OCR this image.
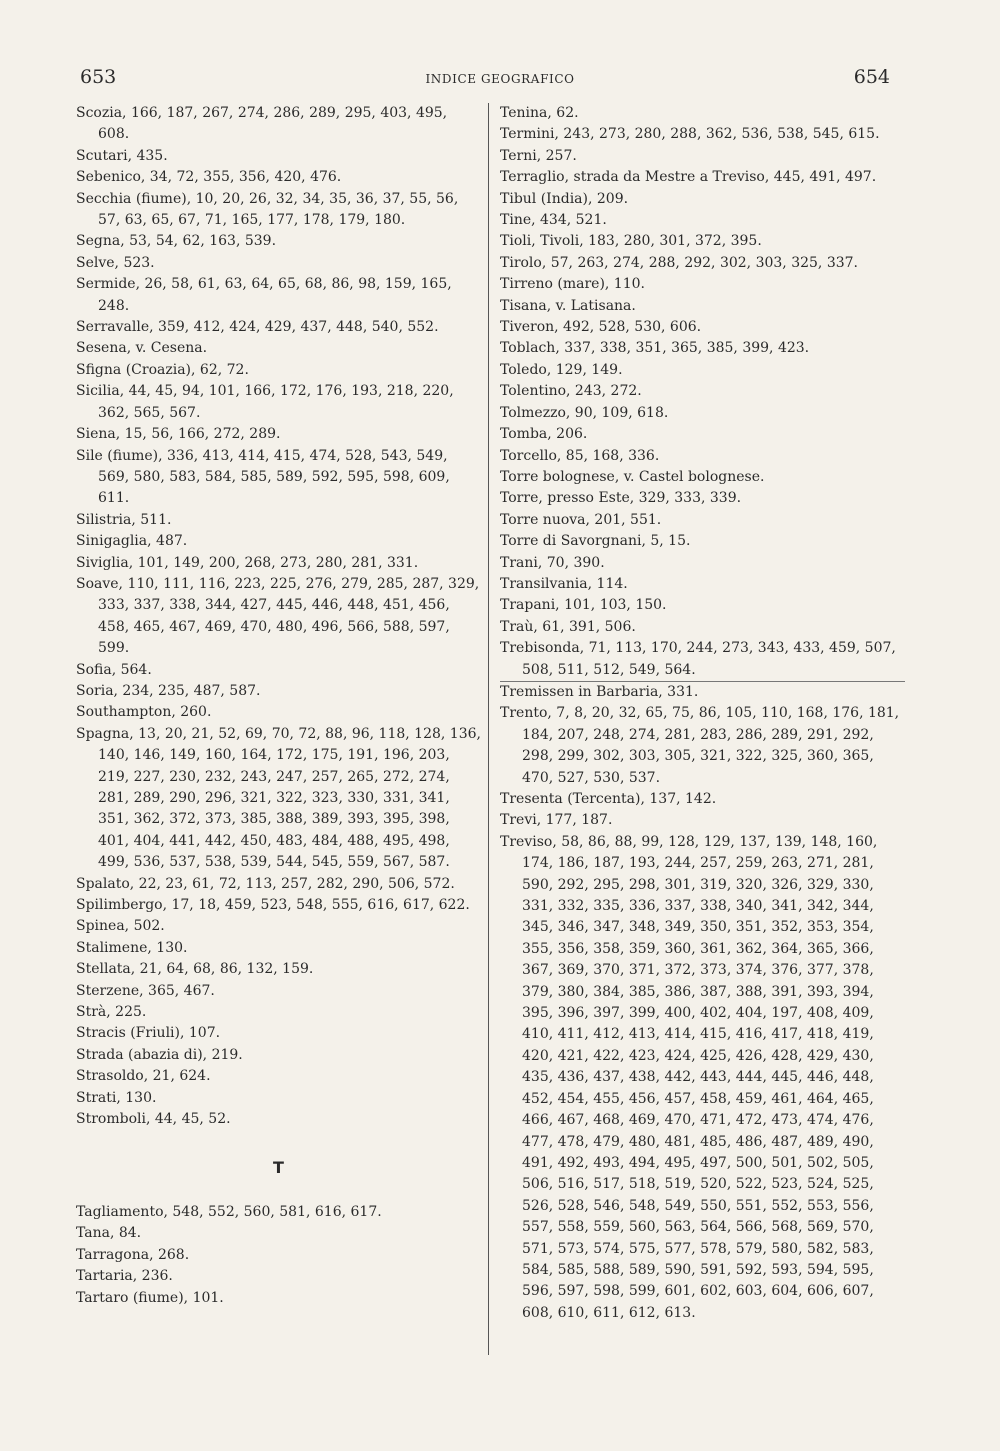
653	INDICE GEOGRAFICO	654

Scozia, 166, 187, 267, 274, 286, 289, 295, 403, 495, 608.

Scutari, 435.

Sebenico, 34, 72, 355, 356, 420, 476.

Secchia (fiume), 10, 20, 26, 32, 34, 35, 36, 37, 55, 56, 57, 63, 65, 67, 71, 165, 177, 178, 179, 180.

Segna, 53, 54, 62, 163, 539.

Selve, 523.

Sermide, 26, 58, 61, 63, 64, 65, 68, 86, 98, 159, 165, 248.

Serravalle, 359, 412, 424, 429, 437, 448, 540, 552.

Sesena, v. Cesena.

Sfigna (Croazia), 62, 72.

Sicilia, 44, 45, 94, 101, 166, 172, 176, 193, 218, 220, 362, 565, 567.

Siena, 15, 56, 166, 272, 289.

Sile (fiume), 336, 413, 414, 415, 474, 528, 543, 549, 569, 580, 583, 584, 585, 589, 592, 595, 598, 609, 611.

Silistria, 511.

Sinigaglia, 487.

Siviglia, 101, 149, 200, 268, 273, 280, 281, 331.

Soave, 110, 111, 116, 223, 225, 276, 279, 285, 287, 329, 333, 337, 338, 344, 427, 445, 446, 448, 451, 456, 458, 465, 467, 469, 470, 480, 496, 566, 588, 597, 599.

Sofia, 564.

Soria, 234, 235, 487, 587.

Southampton, 260.

Spagna, 13, 20, 21, 52, 69, 70, 72, 88, 96, 118, 128, 136, 140, 146, 149, 160, 164, 172, 175, 191, 196, 203, 219, 227, 230, 232, 243, 247, 257, 265, 272, 274, 281, 289, 290, 296, 321, 322, 323, 330, 331, 341, 351, 362, 372, 373, 385, 388, 389, 393, 395, 398, 401, 404, 441, 442, 450, 483, 484, 488, 495, 498, 499, 536, 537, 538, 539, 544, 545, 559, 567, 587.

Spalato, 22, 23, 61, 72, 113, 257, 282, 290, 506, 572.

Spilimbergo, 17, 18, 459, 523, 548, 555, 616, 617, 622.

Spinea, 502.

Stalimene, 130.

Stellata, 21, 64, 68, 86, 132, 159.

Sterzene, 365, 467.

Strà, 225.

Stracis (Friuli), 107.

Strada (abazia di), 219.

Strasoldo, 21, 624.

Strati, 130.

Stromboli, 44, 45, 52.

T

Tagliamento, 548, 552, 560, 581, 616, 617.

Tana, 84.

Tarragona, 268.

Tartaria, 236.

Tartaro (fiume), 101.

Tenina, 62.

Termini, 243, 273, 280, 288, 362, 536, 538, 545, 615.

Terni, 257.

Terraglio, strada da Mestre a Treviso, 445, 491, 497.

Tibul (India), 209.

Tine, 434, 521.

Tioli, Tivoli, 183, 280, 301, 372, 395.

Tirolo, 57, 263, 274, 288, 292, 302, 303, 325, 337.

Tirreno (mare), 110.

Tisana, v. Latisana.

Tiveron, 492, 528, 530, 606.

Toblach, 337, 338, 351, 365, 385, 399, 423.

Toledo, 129, 149.

Tolentino, 243, 272.

Tolmezzo, 90, 109, 618.

Tomba, 206.

Torcello, 85, 168, 336.

Torre bolognese, v. Castel bolognese.

Torre, presso Este, 329, 333, 339.

Torre nuova, 201, 551.

Torre di Savorgnani, 5, 15.

Trani, 70, 390.

Transilvania, 114.

Trapani, 101, 103, 150.

Traù, 61, 391, 506.

Trebisonda, 71, 113, 170, 244, 273, 343, 433, 459, 507, 508, 511, 512, 549, 564.

Tremissen in Barbaria, 331.

Trento, 7, 8, 20, 32, 65, 75, 86, 105, 110, 168, 176, 181, 184, 207, 248, 274, 281, 283, 286, 289, 291, 292, 298, 299, 302, 303, 305, 321, 322, 325, 360, 365, 470, 527, 530, 537.

Tresenta (Tercenta), 137, 142.

Trevi, 177, 187.

Treviso, 58, 86, 88, 99, 128, 129, 137, 139, 148, 160, 174, 186, 187, 193, 244, 257, 259, 263, 271, 281, 590, 292, 295, 298, 301, 319, 320, 326, 329, 330, 331, 332, 335, 336, 337, 338, 340, 341, 342, 344, 345, 346, 347, 348, 349, 350, 351, 352, 353, 354, 355, 356, 358, 359, 360, 361, 362, 364, 365, 366, 367, 369, 370, 371, 372, 373, 374, 376, 377, 378, 379, 380, 384, 385, 386, 387, 388, 391, 393, 394, 395, 396, 397, 399, 400, 402, 404, 197, 408, 409, 410, 411, 412, 413, 414, 415, 416, 417, 418, 419, 420, 421, 422, 423, 424, 425, 426, 428, 429, 430, 435, 436, 437, 438, 442, 443, 444, 445, 446, 448, 452, 454, 455, 456, 457, 458, 459, 461, 464, 465, 466, 467, 468, 469, 470, 471, 472, 473, 474, 476, 477, 478, 479, 480, 481, 485, 486, 487, 489, 490, 491, 492, 493, 494, 495, 497, 500, 501, 502, 505, 506, 516, 517, 518, 519, 520, 522, 523, 524, 525, 526, 528, 546, 548, 549, 550, 551, 552, 553, 556, 557, 558, 559, 560, 563, 564, 566, 568, 569, 570, 571, 573, 574, 575, 577, 578, 579, 580, 582, 583, 584, 585, 588, 589, 590, 591, 592, 593, 594, 595, 596, 597, 598, 599, 601, 602, 603, 604, 606, 607, 608, 610, 611, 612, 613.
